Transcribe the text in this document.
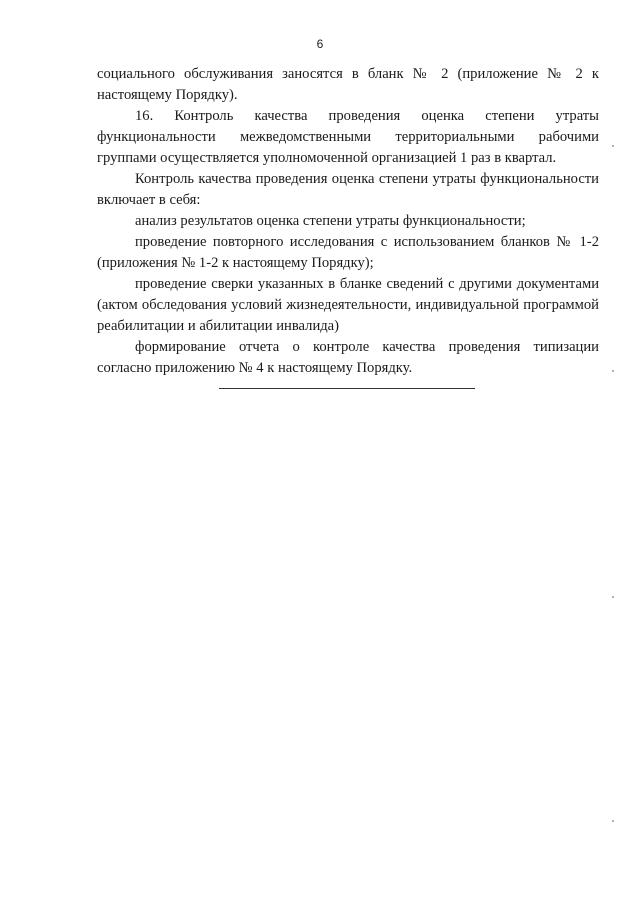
6

социального обслуживания заносятся в бланк № 2 (приложение № 2 к настоящему Порядку).

16. Контроль качества проведения оценка степени утраты функциональности межведомственными территориальными рабочими группами осуществляется уполномоченной организацией 1 раз в квартал.

Контроль качества проведения оценка степени утраты функциональности включает в себя:

анализ результатов оценка степени утраты функциональности;

проведение повторного исследования с использованием бланков № 1-2 (приложения № 1-2 к настоящему Порядку);

проведение сверки указанных в бланке сведений с другими документами (актом обследования условий жизнедеятельности, индивидуальной программой реабилитации и абилитации инвалида)

формирование отчета о контроле качества проведения типизации согласно приложению № 4 к настоящему Порядку.
